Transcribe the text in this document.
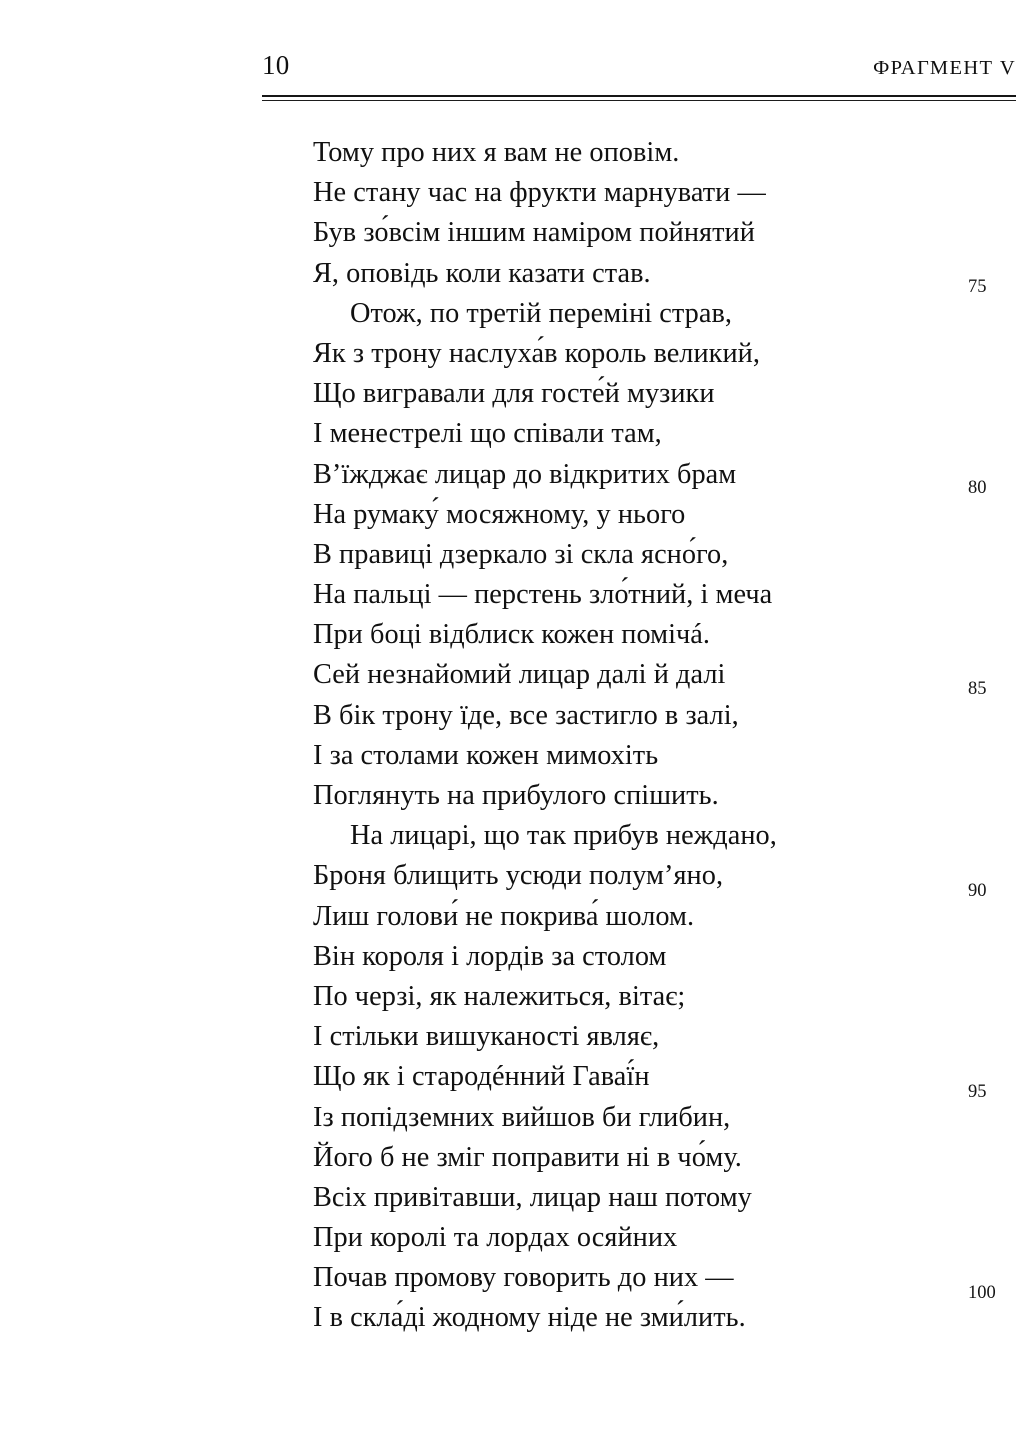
10	ФРАГМЕНТ V
Тому про них я вам не оповім.
Не стану час на фрукти марнувати —
Був зо́всім іншим наміром пойнятий
Я, оповідь коли казати став.
Отож, по третій переміні страв,
Як з трону наслуха́в король великий,
Що вигравали для госте́й музики
І менестрелі що співали там,
В’їжджає лицар до відкритих брам
На румаку́ мосяжному, у нього
В правиці дзеркало зі скла ясно́го,
На пальці — перстень зло́тний, і меча
При боці відблиск кожен помічá.
Сей незнайомий лицар далі й далі
В бік трону їде, все застигло в залі,
І за столами кожен мимохіть
Поглянуть на прибулого спішить.
На лицарі, що так прибув нежданo,
Броня блищить усюди полум’яно,
Лиш голови́ не покрива́ шолом.
Він короля і лордів за столом
По черзі, як належиться, вітає;
І стільки вишуканості являє,
Що як і стародéнний Гаваї́н
Із попідземних вийшов би глибин,
Його б не зміг поправити ні в чо́му.
Всіх привітавши, лицар наш потому
При королі та лордах осяйних
Почав промову говорить до них —
І в скла́ді жодному ніде не зми́лить.
75
80
85
90
95
100
